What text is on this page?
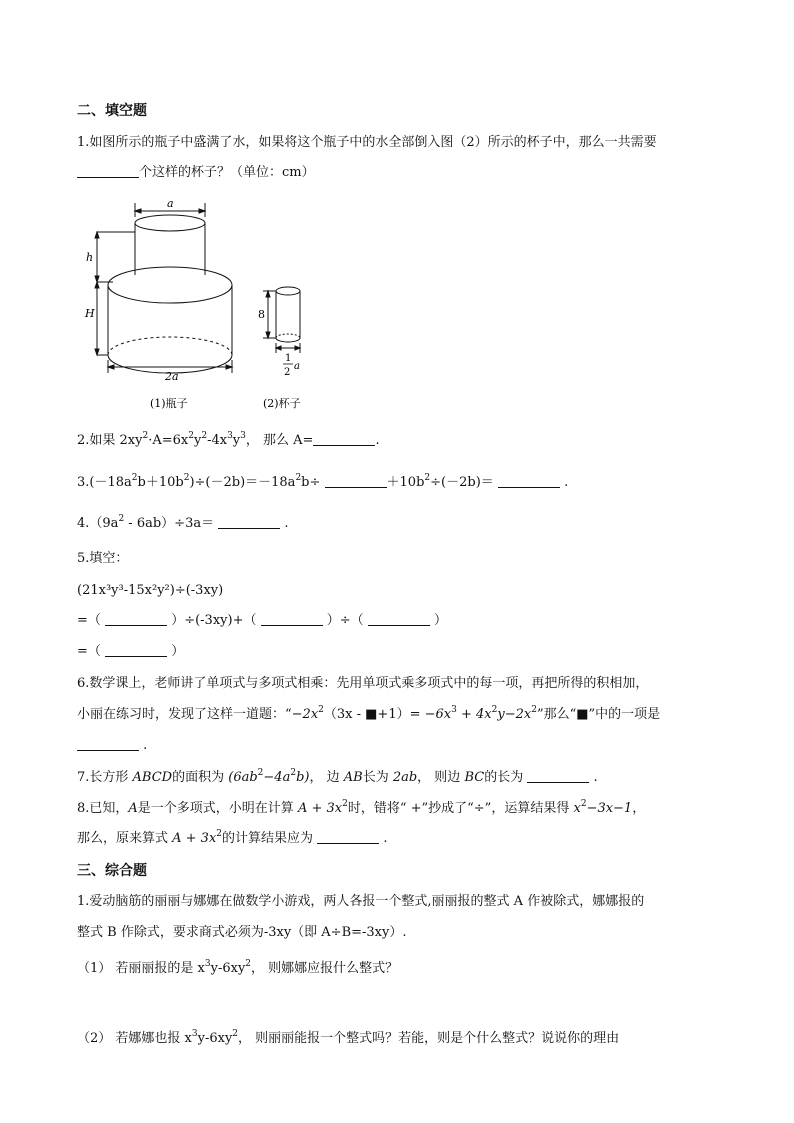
二、填空题
1.如图所示的瓶子中盛满了水，如果将这个瓶子中的水全部倒入图（2）所示的杯子中，那么一共需要
个这样的杯子？（单位：cm）
a
h
H
2a
8
1
2
a
(1)瓶子	(2)杯子
2.如果 $2xy^2\cdot A=6x^2y^2-4x^3y^3$， 那么 A=	.
$3.(-18a^2b+10b^2)\div(-2b)=-18a^2b\div$	$+10b^2\div(-2b)=$	.
$4.(9a^2 - 6ab)\div 3a=$	.
5.填空：
(21x³y³-15x²y²)÷(-3xy)
=（	）÷(-3xy)+（	）÷（	）
=（	）
6.数学课上，老师讲了单项式与多项式相乘：先用单项式乘多项式中的每一项，再把所得的积相加，
小丽在练习时，发现了这样一道题：“$-2x^2(3x$ - ■+1）= $-6x^3 + 4x^2y-2x^2$”那么“■”中的一项是
.
7.长方形 ABCD的面积为 $(6ab^2-4a^2b)$， 边 AB长为 2ab， 则边 BC的长为	.
8.已知，A是一个多项式，小明在计算 $A + 3x^2$时，错将“ +”抄成了“÷”，运算结果得 $x^2-3x-1$，
那么，原来算式 $A + 3x^2$的计算结果应为	.
三、综合题
1.爱动脑筋的丽丽与娜娜在做数学小游戏，两人各报一个整式,丽丽报的整式 A 作被除式，娜娜报的
整式 B 作除式，要求商式必须为-3xy（即 A÷B=-3xy）.
（1） 若丽丽报的是 $x^3y-6xy^2$， 则娜娜应报什么整式？
（2） 若娜娜也报 $x^3y-6xy^2$， 则丽丽能报一个整式吗？若能，则是个什么整式？说说你的理由
